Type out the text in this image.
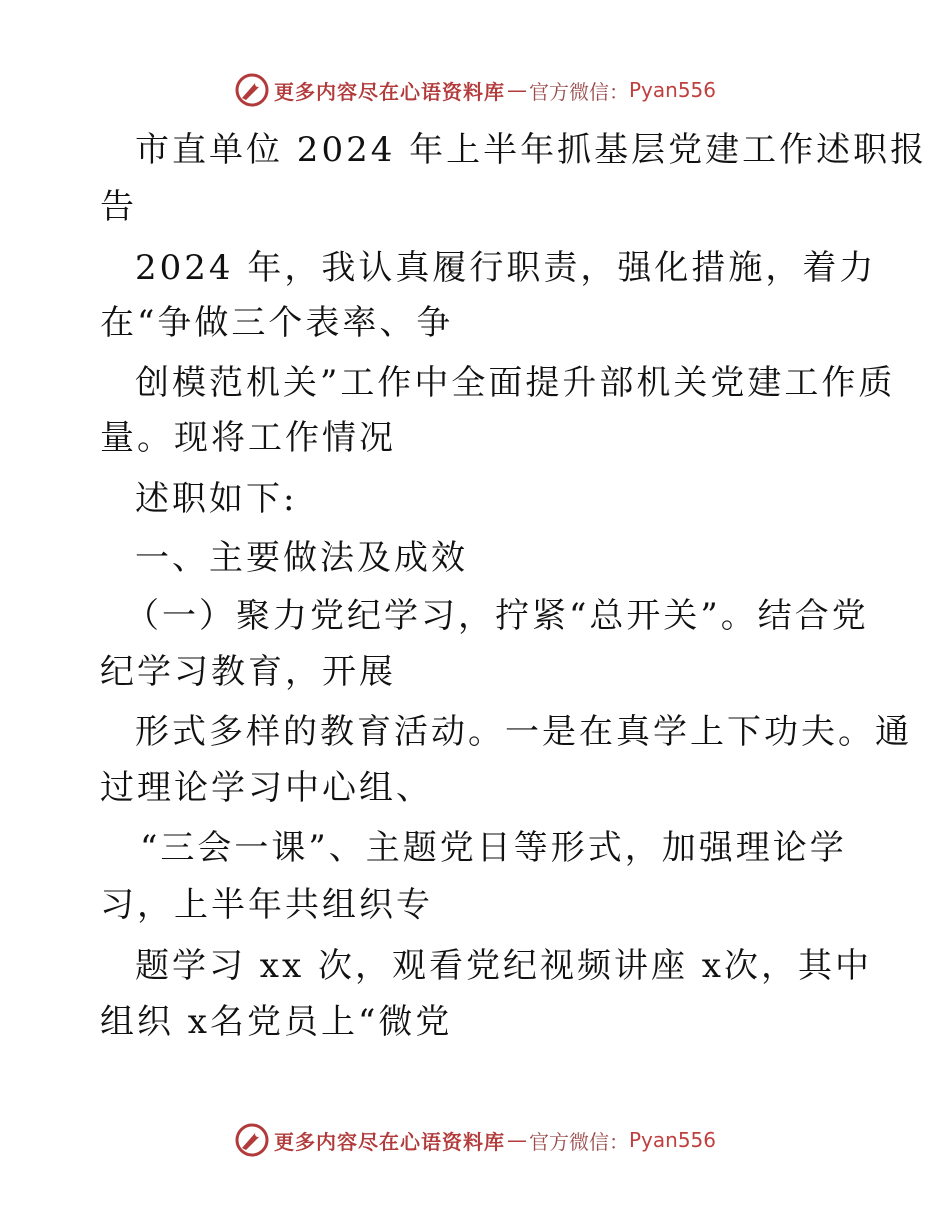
更多内容尽在心语资料库 — 官方微信： Pyan556
市直单位 2024 年上半年抓基层党建工作述职报
告
2024 年，我认真履行职责，强化措施，着力
在“争做三个表率、争
创模范机关”工作中全面提升部机关党建工作质
量。现将工作情况
述职如下:
一、主要做法及成效
（一）聚力党纪学习，拧紧“总开关”。结合党
纪学习教育，开展
形式多样的教育活动。一是在真学上下功夫。通
过理论学习中心组、
“三会一课”、主题党日等形式，加强理论学
习，上半年共组织专
题学习 xx 次，观看党纪视频讲座 x次，其中
组织 x名党员上“微党
更多内容尽在心语资料库 — 官方微信： Pyan556
